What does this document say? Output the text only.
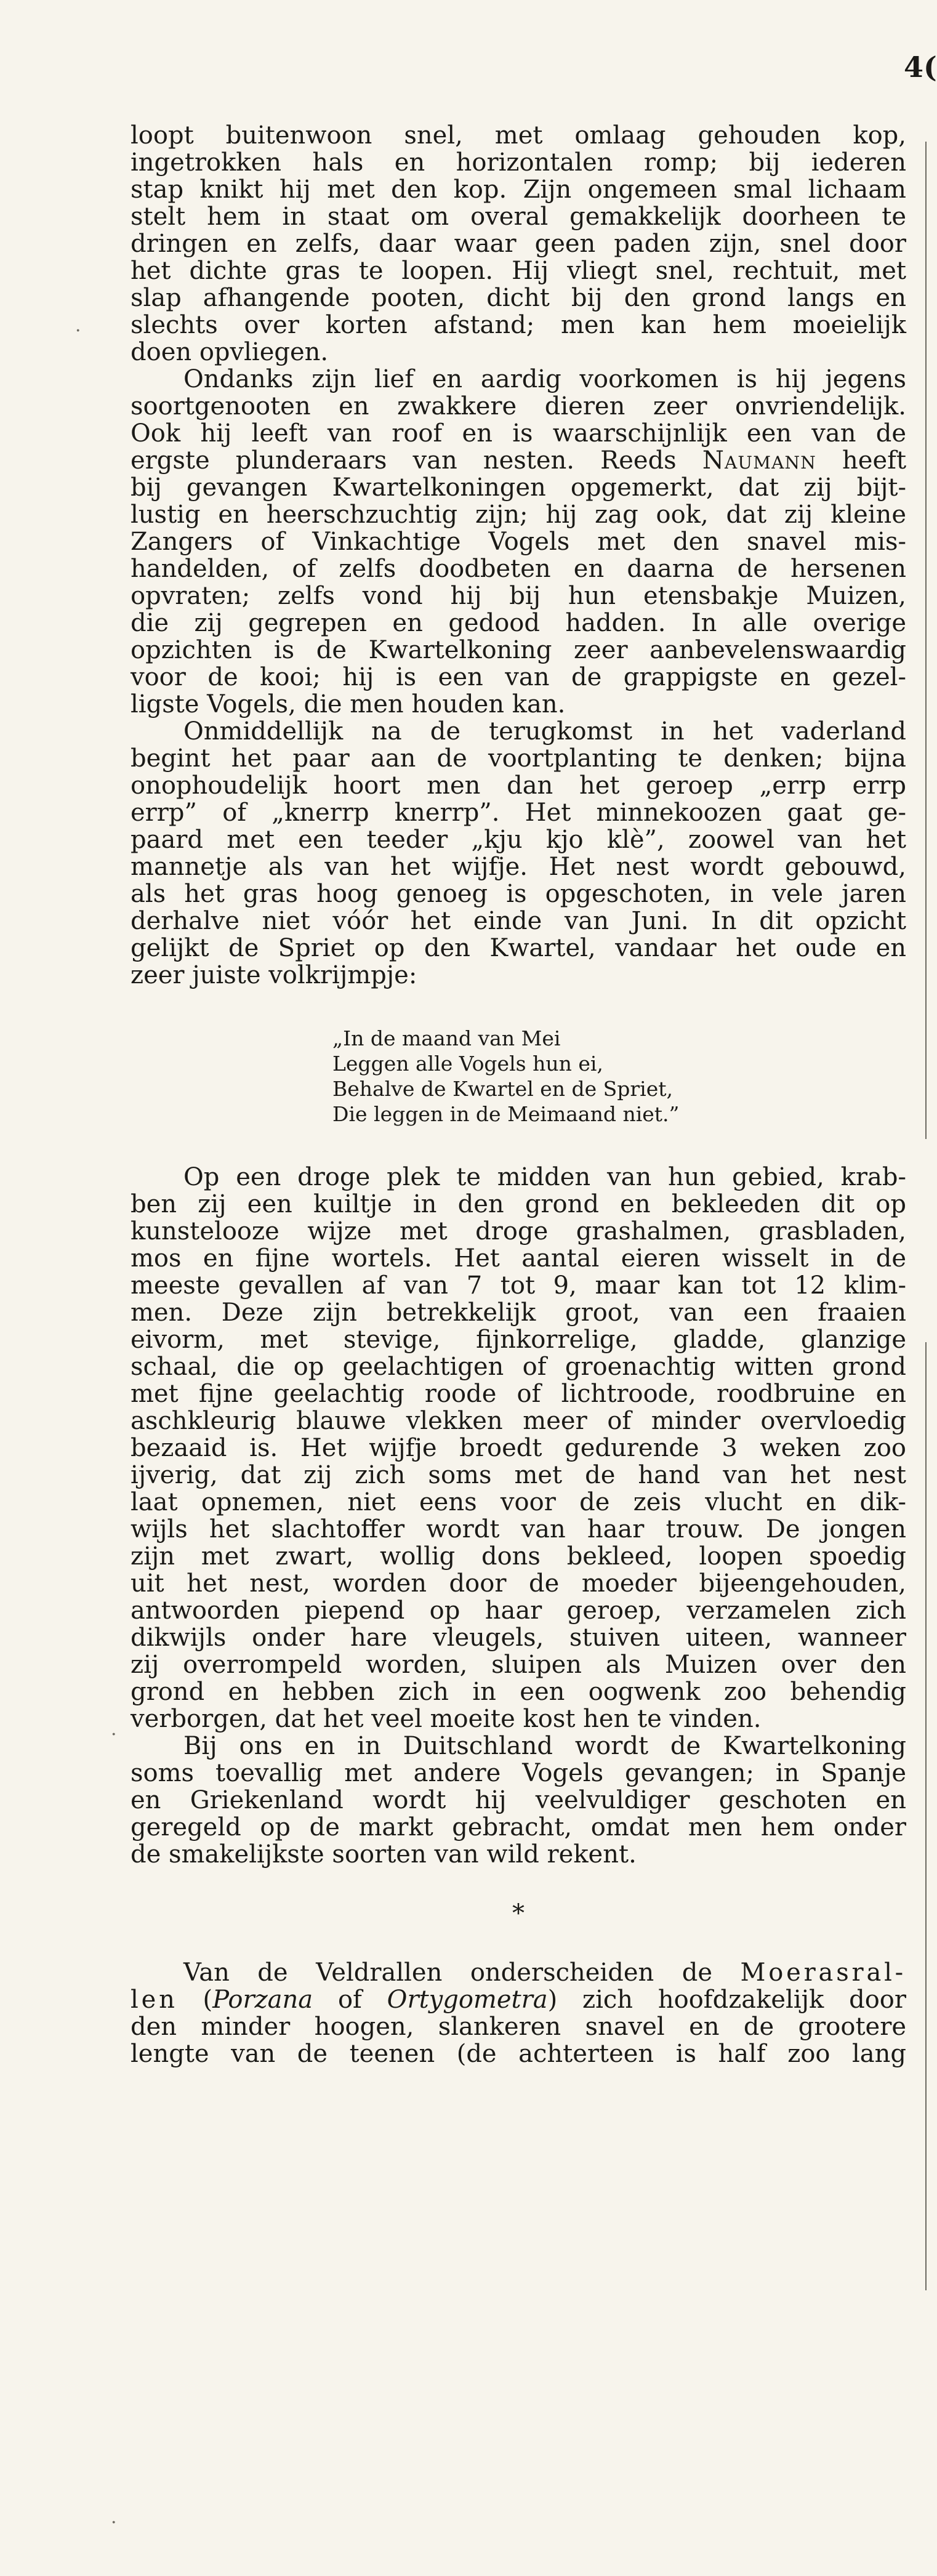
4(
·
·
·

loopt buitenwoon snel, met omlaag gehouden kop,

ingetrokken hals en horizontalen romp; bij iederen

stap knikt hij met den kop. Zijn ongemeen smal lichaam

stelt hem in staat om overal gemakkelijk doorheen te

dringen en zelfs, daar waar geen paden zijn, snel door

het dichte gras te loopen. Hij vliegt snel, rechtuit, met

slap afhangende pooten, dicht bij den grond langs en

slechts over korten afstand; men kan hem moeielijk

doen opvliegen.

Ondanks zijn lief en aardig voorkomen is hij jegens

soortgenooten en zwakkere dieren zeer onvriendelijk.

Ook hij leeft van roof en is waarschijnlijk een van de

ergste plunderaars van nesten. Reeds Naumann heeft

bij gevangen Kwartelkoningen opgemerkt, dat zij bijt-

lustig en heerschzuchtig zijn; hij zag ook, dat zij kleine

Zangers of Vinkachtige Vogels met den snavel mis-

handelden, of zelfs doodbeten en daarna de hersenen

opvraten; zelfs vond hij bij hun etensbakje Muizen,

die zij gegrepen en gedood hadden. In alle overige

opzichten is de Kwartelkoning zeer aanbevelenswaardig

voor de kooi; hij is een van de grappigste en gezel-

ligste Vogels, die men houden kan.

Onmiddellijk na de terugkomst in het vaderland

begint het paar aan de voortplanting te denken; bijna

onophoudelijk hoort men dan het geroep „errp errp

errp” of „knerrp knerrp”. Het minnekoozen gaat ge-

paard met een teeder „kju kjo klè”, zoowel van het

mannetje als van het wijfje. Het nest wordt gebouwd,

als het gras hoog genoeg is opgeschoten, in vele jaren

derhalve niet vóór het einde van Juni. In dit opzicht

gelijkt de Spriet op den Kwartel, vandaar het oude en

zeer juiste volkrijmpje:

„In de maand van Mei

Leggen alle Vogels hun ei,

Behalve de Kwartel en de Spriet,

Die leggen in de Meimaand niet.”

Op een droge plek te midden van hun gebied, krab-

ben zij een kuiltje in den grond en bekleeden dit op

kunstelooze wijze met droge grashalmen, grasbladen,

mos en fijne wortels. Het aantal eieren wisselt in de

meeste gevallen af van 7 tot 9, maar kan tot 12 klim-

men. Deze zijn betrekkelijk groot, van een fraaien

eivorm, met stevige, fijnkorrelige, gladde, glanzige

schaal, die op geelachtigen of groenachtig witten grond

met fijne geelachtig roode of lichtroode, roodbruine en

aschkleurig blauwe vlekken meer of minder overvloedig

bezaaid is. Het wijfje broedt gedurende 3 weken zoo

ijverig, dat zij zich soms met de hand van het nest

laat opnemen, niet eens voor de zeis vlucht en dik-

wijls het slachtoffer wordt van haar trouw. De jongen

zijn met zwart, wollig dons bekleed, loopen spoedig

uit het nest, worden door de moeder bijeengehouden,

antwoorden piepend op haar geroep, verzamelen zich

dikwijls onder hare vleugels, stuiven uiteen, wanneer

zij overrompeld worden, sluipen als Muizen over den

grond en hebben zich in een oogwenk zoo behendig

verborgen, dat het veel moeite kost hen te vinden.

Bij ons en in Duitschland wordt de Kwartelkoning

soms toevallig met andere Vogels gevangen; in Spanje

en Griekenland wordt hij veelvuldiger geschoten en

geregeld op de markt gebracht, omdat men hem onder

de smakelijkste soorten van wild rekent.

*

Van de Veldrallen onderscheiden de Moerasral-

len (Porzana of Ortygometra) zich hoofdzakelijk door

den minder hoogen, slankeren snavel en de grootere

lengte van de teenen (de achterteen is half zoo lang
